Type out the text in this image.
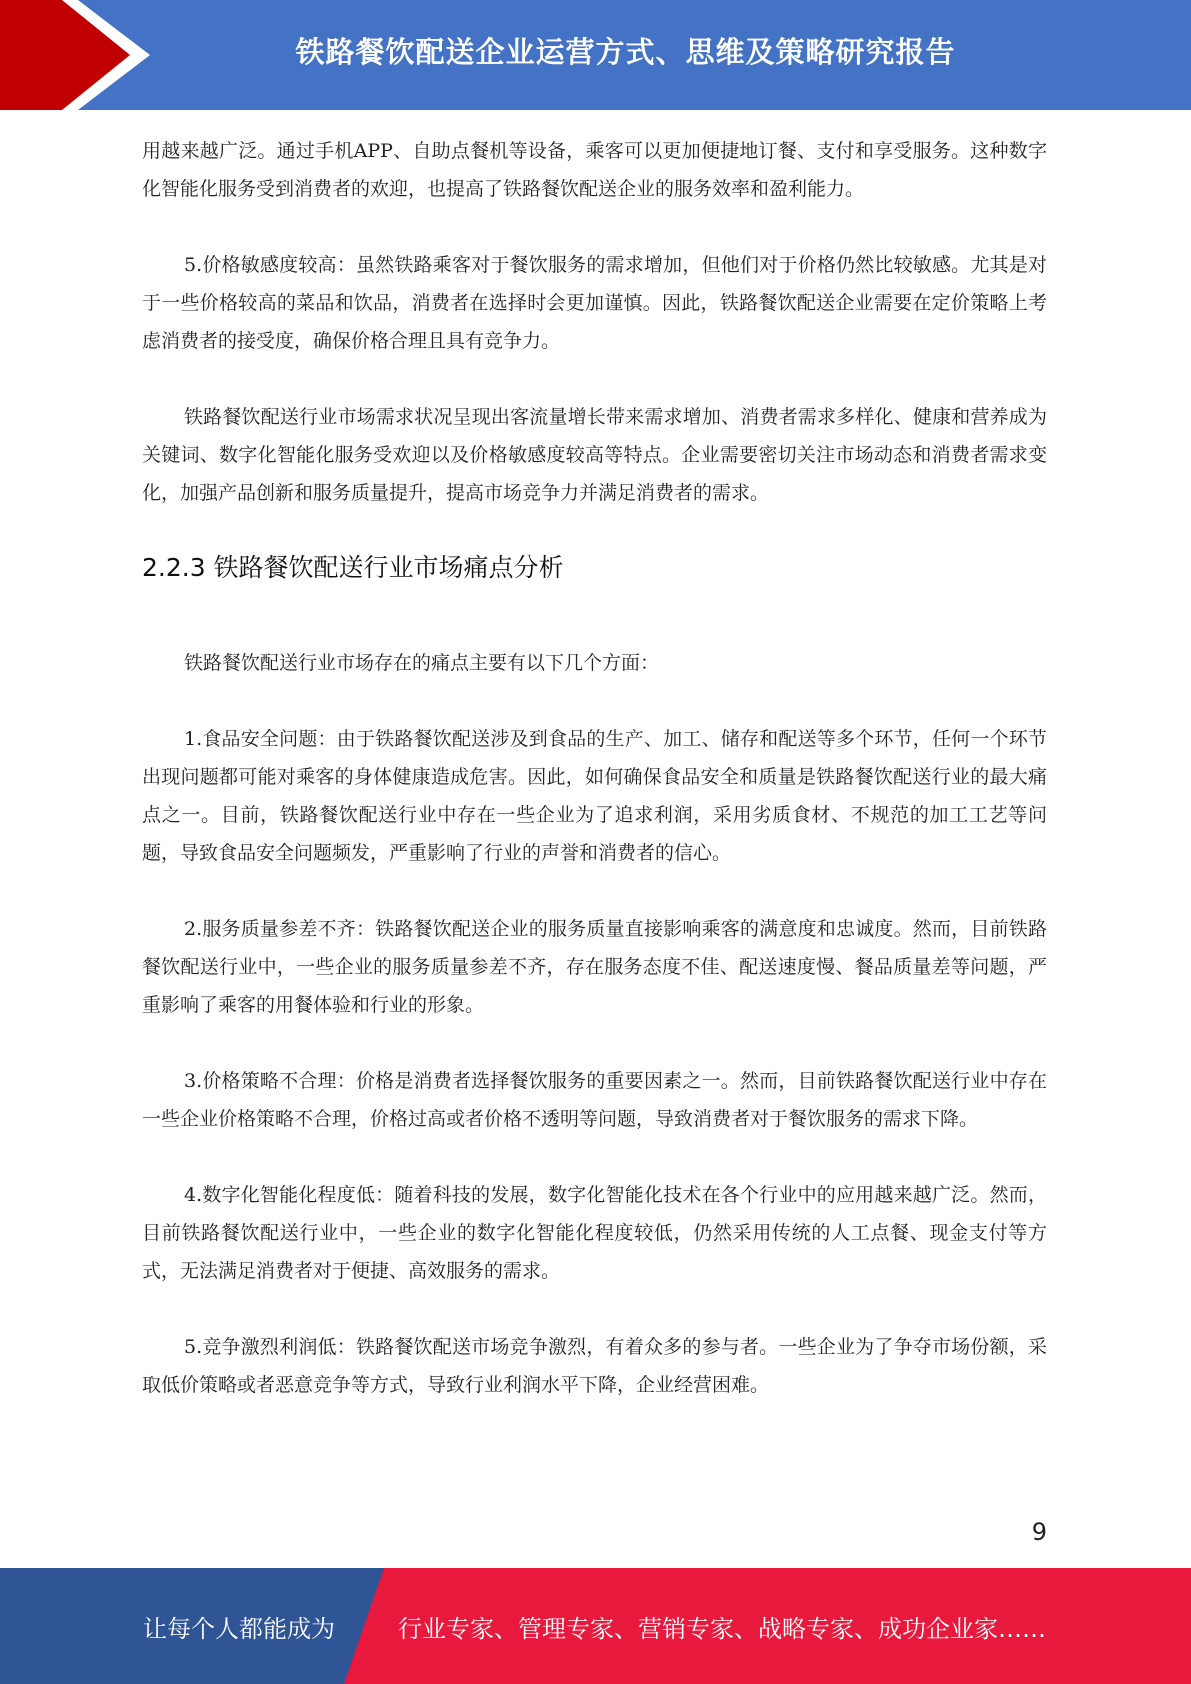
铁路餐饮配送企业运营方式、思维及策略研究报告

用越来越广泛。通过手机APP、自助点餐机等设备，乘客可以更加便捷地订餐、支付和享受服务。这种数字化智能化服务受到消费者的欢迎，也提高了铁路餐饮配送企业的服务效率和盈利能力。

5.价格敏感度较高：虽然铁路乘客对于餐饮服务的需求增加，但他们对于价格仍然比较敏感。尤其是对于一些价格较高的菜品和饮品，消费者在选择时会更加谨慎。因此，铁路餐饮配送企业需要在定价策略上考虑消费者的接受度，确保价格合理且具有竞争力。

铁路餐饮配送行业市场需求状况呈现出客流量增长带来需求增加、消费者需求多样化、健康和营养成为关键词、数字化智能化服务受欢迎以及价格敏感度较高等特点。企业需要密切关注市场动态和消费者需求变化，加强产品创新和服务质量提升，提高市场竞争力并满足消费者的需求。

2.2.3 铁路餐饮配送行业市场痛点分析

铁路餐饮配送行业市场存在的痛点主要有以下几个方面：

1.食品安全问题：由于铁路餐饮配送涉及到食品的生产、加工、储存和配送等多个环节，任何一个环节出现问题都可能对乘客的身体健康造成危害。因此，如何确保食品安全和质量是铁路餐饮配送行业的最大痛点之一。目前，铁路餐饮配送行业中存在一些企业为了追求利润，采用劣质食材、不规范的加工工艺等问题，导致食品安全问题频发，严重影响了行业的声誉和消费者的信心。

2.服务质量参差不齐：铁路餐饮配送企业的服务质量直接影响乘客的满意度和忠诚度。然而，目前铁路餐饮配送行业中，一些企业的服务质量参差不齐，存在服务态度不佳、配送速度慢、餐品质量差等问题，严重影响了乘客的用餐体验和行业的形象。

3.价格策略不合理：价格是消费者选择餐饮服务的重要因素之一。然而，目前铁路餐饮配送行业中存在一些企业价格策略不合理，价格过高或者价格不透明等问题，导致消费者对于餐饮服务的需求下降。

4.数字化智能化程度低：随着科技的发展，数字化智能化技术在各个行业中的应用越来越广泛。然而，目前铁路餐饮配送行业中，一些企业的数字化智能化程度较低，仍然采用传统的人工点餐、现金支付等方式，无法满足消费者对于便捷、高效服务的需求。

5.竞争激烈利润低：铁路餐饮配送市场竞争激烈，有着众多的参与者。一些企业为了争夺市场份额，采取低价策略或者恶意竞争等方式，导致行业利润水平下降，企业经营困难。

9
让每个人都能成为	行业专家、管理专家、营销专家、战略专家、成功企业家……
